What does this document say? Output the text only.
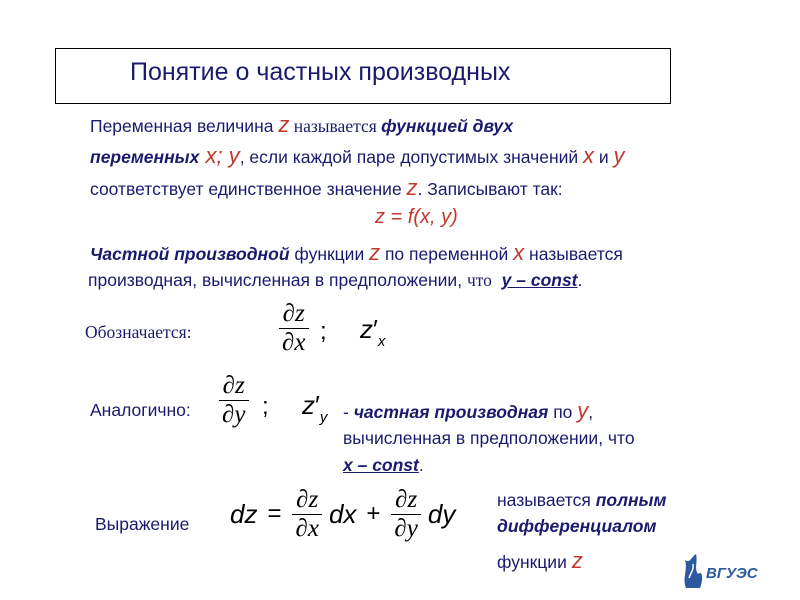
Понятие о частных производных
Переменная величина z называется функцией двух
переменных x; y, если каждой паре допустимых значений x и y
соответствует единственное значение z. Записывают так:
z = f(x, y)
Частной производной функции z по переменной x называется
производная, вычисленная в предположении, что y – const.
Обозначается:	$\frac{\partial z}{\partial x}$ ; $z'_x$
Аналогично: $\frac{\partial z}{\partial y}$ ; $z'_y$ - частная производная по y,
вычисленная в предположении, что
x – const.
Выражение dz = $\frac{\partial z}{\partial x}$ dx + $\frac{\partial z}{\partial y}$ dy называется полным
дифференциалом
функции z
ВГУЭС
